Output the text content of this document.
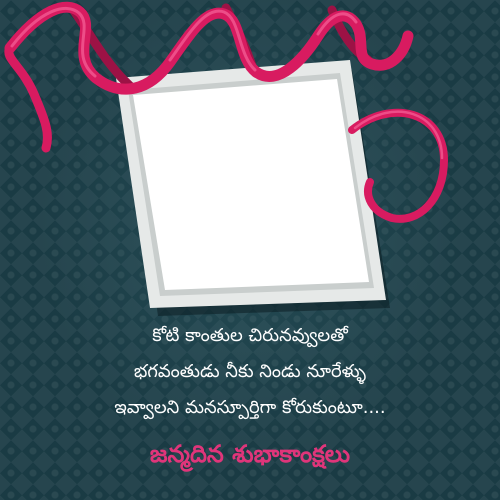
కోటి కాంతుల చిరునవ్వులతో
భగవంతుడు నీకు నిండు నూరేళ్ళు
ఇవ్వాలని మనస్పూర్తిగా కోరుకుంటూ....
జన్మదిన శుభాకాంక్షలు
